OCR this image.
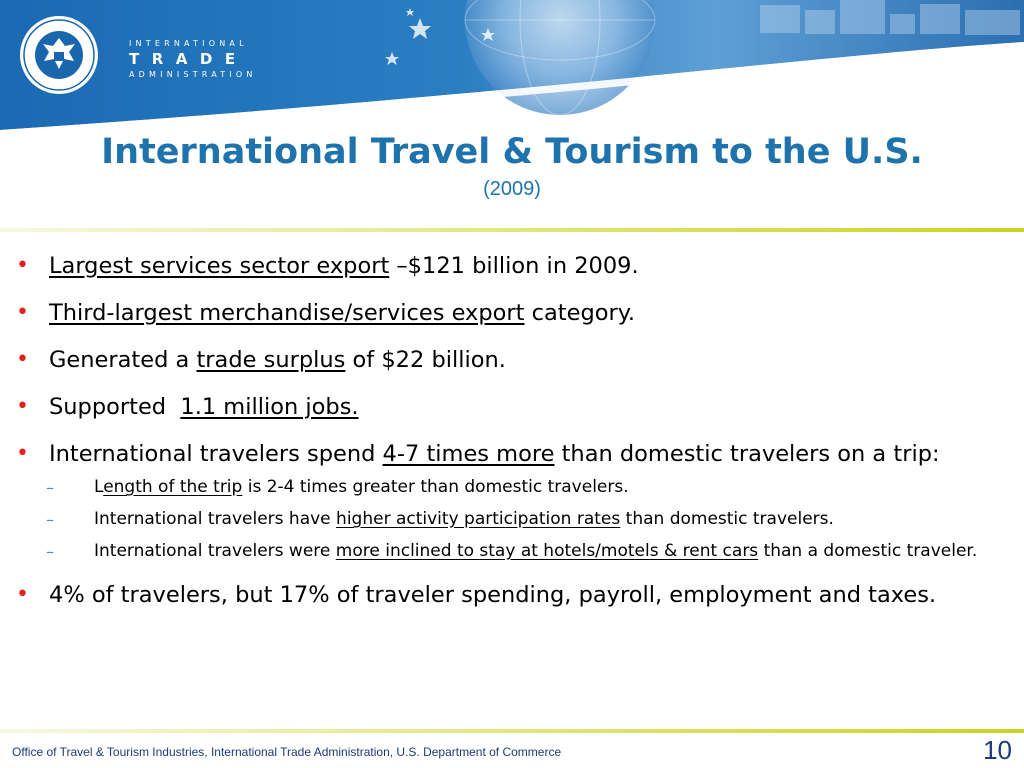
INTERNATIONAL
TRADE
ADMINISTRATION
International Travel & Tourism to the U.S.
(2009)
• Largest services sector export –$121 billion in 2009.
• Third-largest merchandise/services export category.
• Generated a trade surplus of $22 billion.
• Supported  1.1 million jobs.
• International travelers spend 4-7 times more than domestic travelers on a trip:
– Length of the trip is 2-4 times greater than domestic travelers.
– International travelers have higher activity participation rates than domestic travelers.
– International travelers were more inclined to stay at hotels/motels & rent cars than a domestic traveler.
• 4% of travelers, but 17% of traveler spending, payroll, employment and taxes.
Office of Travel & Tourism Industries, International Trade Administration, U.S. Department of Commerce	10
